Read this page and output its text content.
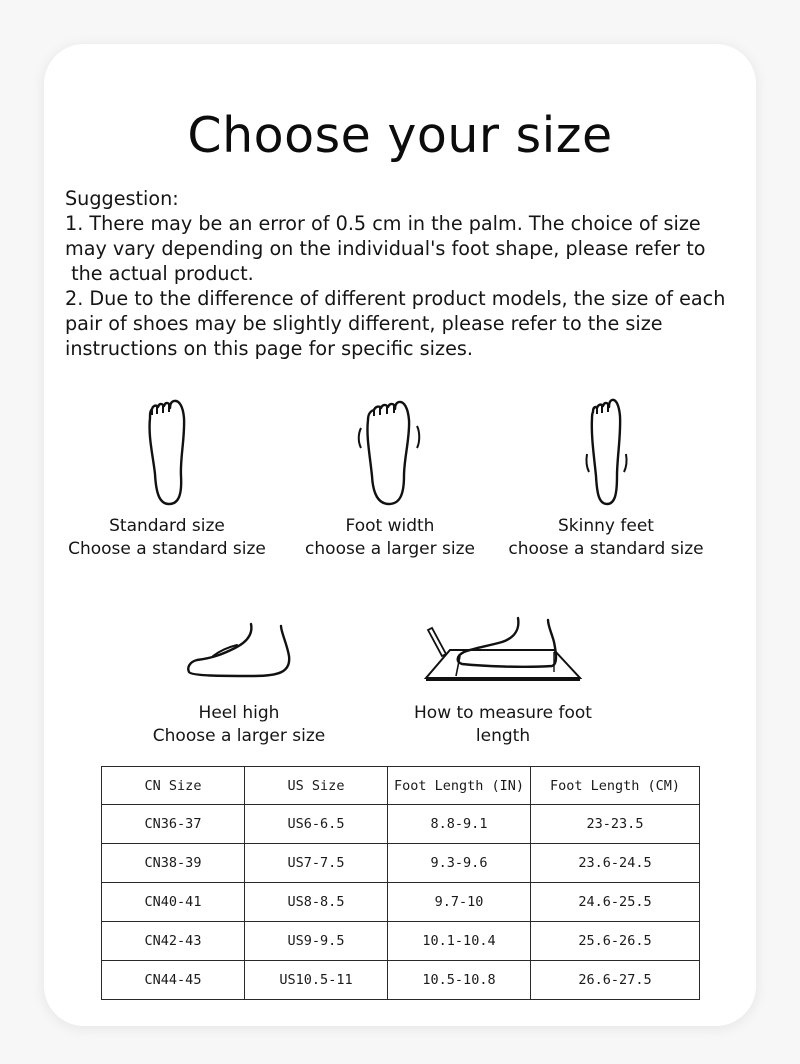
Choose your size
Suggestion:
1. There may be an error of 0.5 cm in the palm. The choice of size
may vary depending on the individual's foot shape, please refer to
the actual product.
2. Due to the difference of different product models, the size of each
pair of shoes may be slightly different, please refer to the size
instructions on this page for specific sizes.
Standard size
Choose a standard size
Foot width
choose a larger size
Skinny feet
choose a standard size
Heel high
Choose a larger size
How to measure foot
length
CN Size	US Size	Foot Length (IN)	Foot Length (CM)
CN36-37	US6-6.5	8.8-9.1	23-23.5
CN38-39	US7-7.5	9.3-9.6	23.6-24.5
CN40-41	US8-8.5	9.7-10	24.6-25.5
CN42-43	US9-9.5	10.1-10.4	25.6-26.5
CN44-45	US10.5-11	10.5-10.8	26.6-27.5
